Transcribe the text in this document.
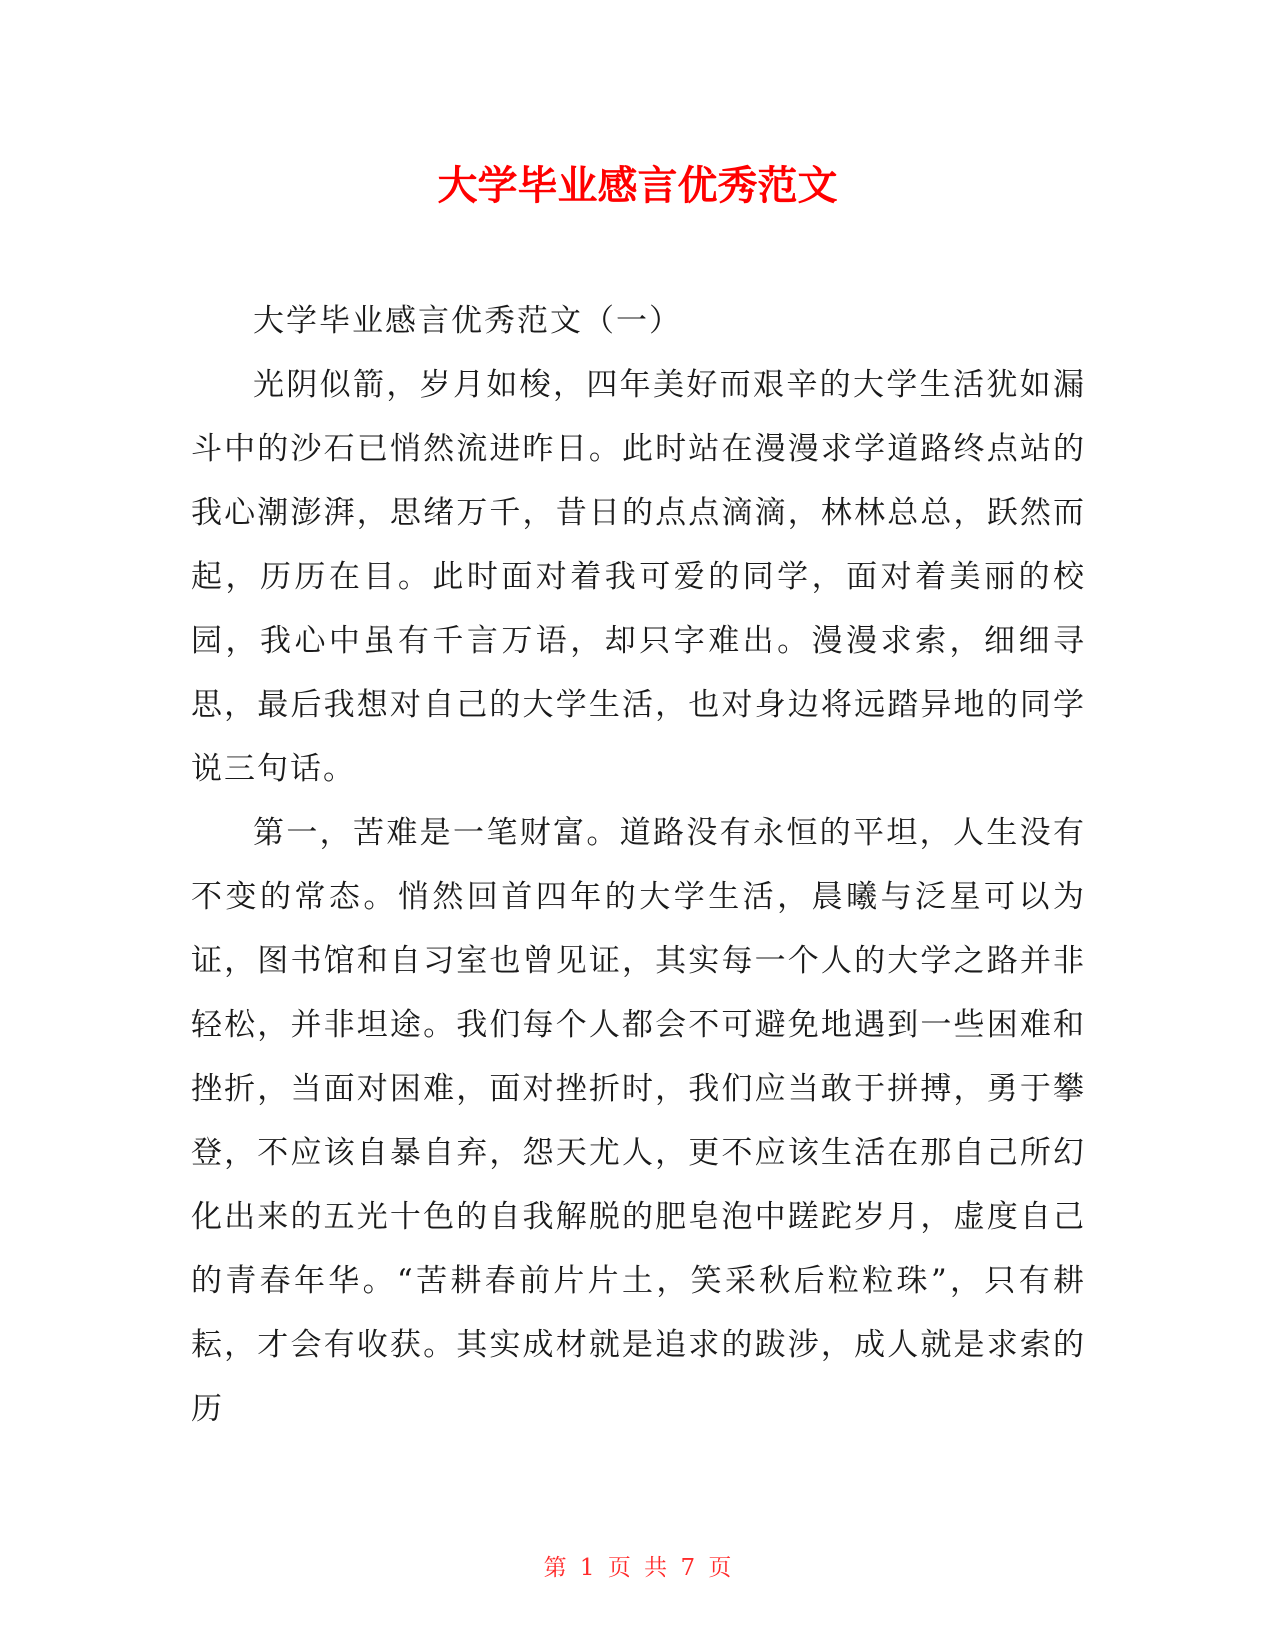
大学毕业感言优秀范文

大学毕业感言优秀范文（一）

光阴似箭，岁月如梭，四年美好而艰辛的大学生活犹如漏斗中的沙石已悄然流进昨日。此时站在漫漫求学道路终点站的我心潮澎湃，思绪万千，昔日的点点滴滴，林林总总，跃然而起，历历在目。此时面对着我可爱的同学，面对着美丽的校园，我心中虽有千言万语，却只字难出。漫漫求索，细细寻思，最后我想对自己的大学生活，也对身边将远踏异地的同学说三句话。

第一，苦难是一笔财富。道路没有永恒的平坦，人生没有不变的常态。悄然回首四年的大学生活，晨曦与泛星可以为证，图书馆和自习室也曾见证，其实每一个人的大学之路并非轻松，并非坦途。我们每个人都会不可避免地遇到一些困难和挫折，当面对困难，面对挫折时，我们应当敢于拼搏，勇于攀登，不应该自暴自弃，怨天尤人，更不应该生活在那自己所幻化出来的五光十色的自我解脱的肥皂泡中蹉跎岁月，虚度自己的青春年华。“苦耕春前片片土，笑采秋后粒粒珠”，只有耕耘，才会有收获。其实成材就是追求的跋涉，成人就是求索的历

第 1 页 共 7 页
